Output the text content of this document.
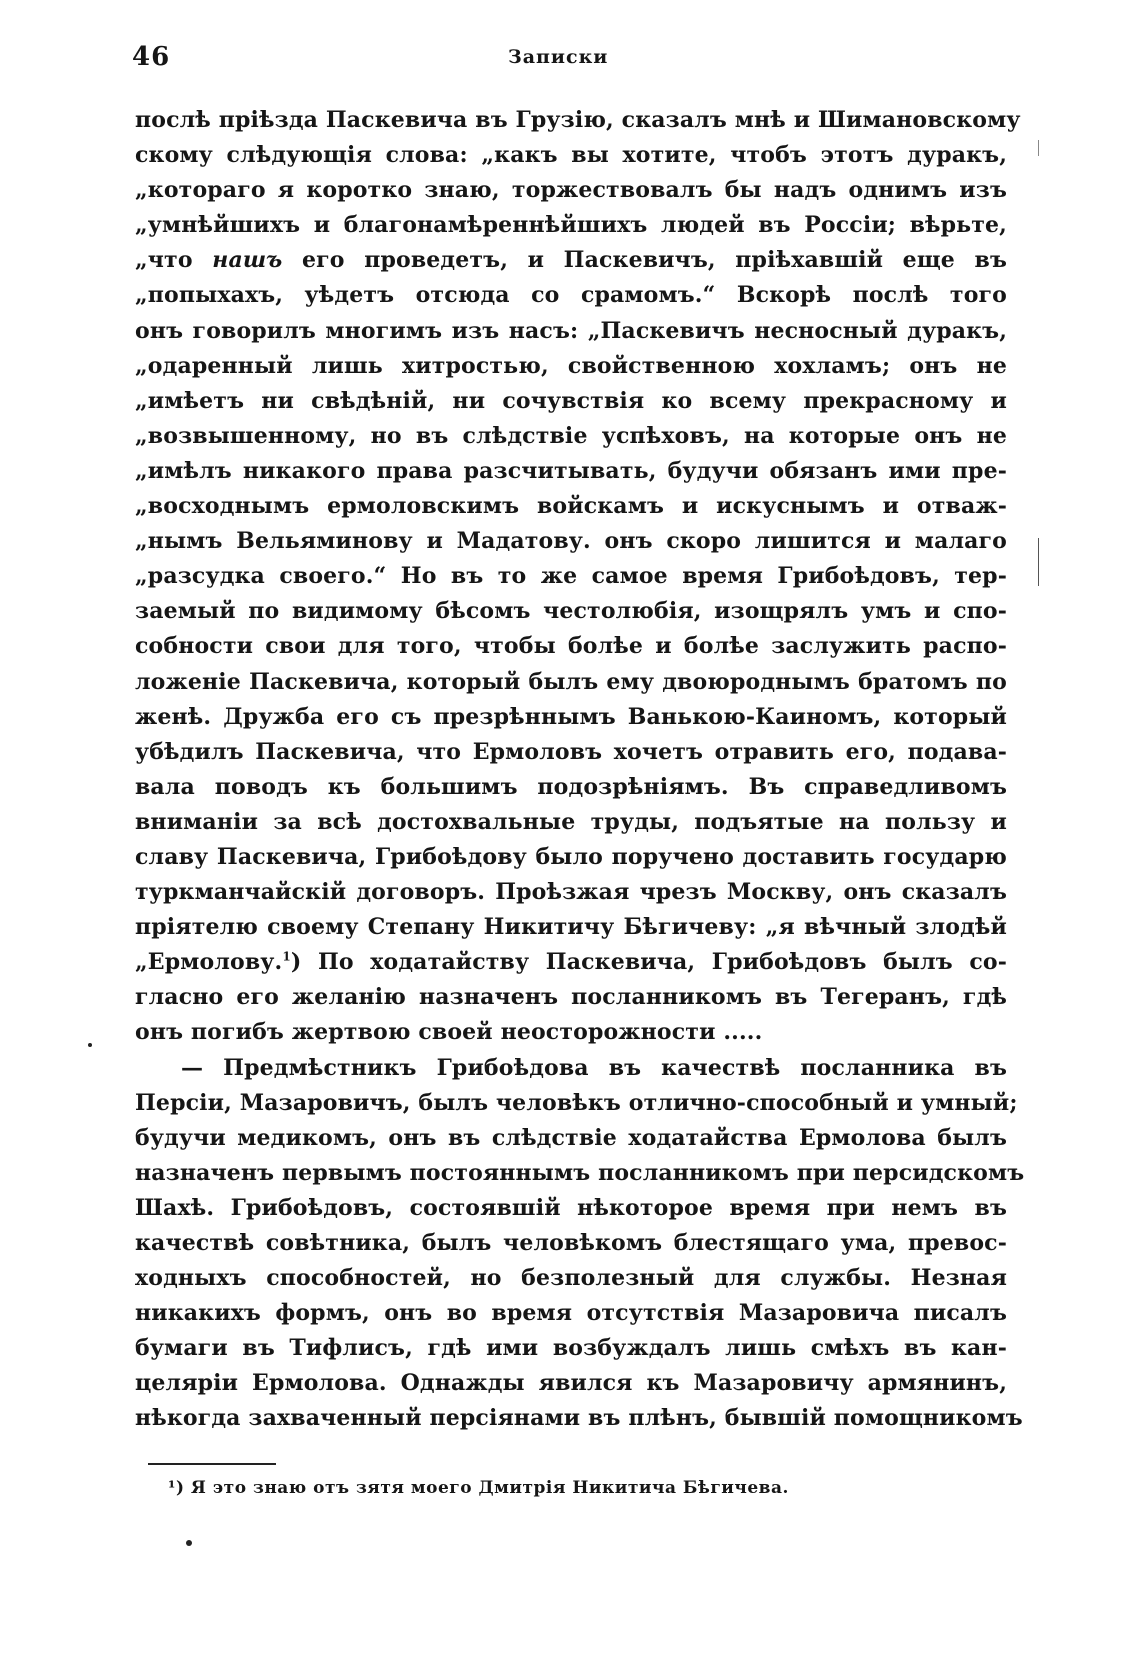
46	Записки
послѣ пріѣзда Паскевича въ Грузію, сказалъ мнѣ и Шимановскому
скому слѣдующія слова: „какъ вы хотите, чтобъ этотъ дуракъ,
„котораго я коротко знаю, торжествовалъ бы надъ однимъ изъ
„умнѣйшихъ и благонамѣреннѣйшихъ людей въ Россіи; вѣрьте,
„что нашъ его проведетъ, и Паскевичъ, пріѣхавшій еще въ
„попыхахъ, уѣдетъ отсюда со срамомъ.“ Вскорѣ послѣ того
онъ говорилъ многимъ изъ насъ: „Паскевичъ несносный дуракъ,
„одаренный лишь хитростью, свойственною хохламъ; онъ не
„имѣетъ ни свѣдѣній, ни сочувствія ко всему прекрасному и
„возвышенному, но въ слѣдствіе успѣховъ, на которые онъ не
„имѣлъ никакого права разсчитывать, будучи обязанъ ими пре-
„восходнымъ ермоловскимъ войскамъ и искуснымъ и отваж-
„нымъ Вельяминову и Мадатову. онъ скоро лишится и малаго
„разсудка своего.“ Но въ то же самое время Грибоѣдовъ, тер-
заемый по видимому бѣсомъ честолюбія, изощрялъ умъ и спо-
собности свои для того, чтобы болѣе и болѣе заслужить распо-
ложеніе Паскевича, который былъ ему двоюроднымъ братомъ по
женѣ. Дружба его съ презрѣннымъ Ванькою-Каиномъ, который
убѣдилъ Паскевича, что Ермоловъ хочетъ отравить его, подава-
вала поводъ къ большимъ подозрѣніямъ. Въ справедливомъ
вниманіи за всѣ достохвальные труды, подъятые на пользу и
славу Паскевича, Грибоѣдову было поручено доставить государю
туркманчайскій договоръ. Проѣзжая чрезъ Москву, онъ сказалъ
пріятелю своему Степану Никитичу Бѣгичеву: „я вѣчный злодѣй
„Ермолову.$^1$) По ходатайству Паскевича, Грибоѣдовъ былъ со-
гласно его желанію назначенъ посланникомъ въ Тегеранъ, гдѣ
онъ погибъ жертвою своей неосторожности .....
— Предмѣстникъ Грибоѣдова въ качествѣ посланника въ
Персіи, Мазаровичъ, былъ человѣкъ отлично-способный и умный;
будучи медикомъ, онъ въ слѣдствіе ходатайства Ермолова былъ
назначенъ первымъ постояннымъ посланникомъ при персидскомъ
Шахѣ. Грибоѣдовъ, состоявшій нѣкоторое время при немъ въ
качествѣ совѣтника, былъ человѣкомъ блестящаго ума, превос-
ходныхъ способностей, но безполезный для службы. Незная
никакихъ формъ, онъ во время отсутствія Мазаровича писалъ
бумаги въ Тифлисъ, гдѣ ими возбуждалъ лишь смѣхъ въ кан-
целяріи Ермолова. Однажды явился къ Мазаровичу армянинъ,
нѣкогда захваченный персіянами въ плѣнъ, бывшій помощникомъ
¹) Я это знаю отъ зятя моего Дмитрія Никитича Бѣгичева.
